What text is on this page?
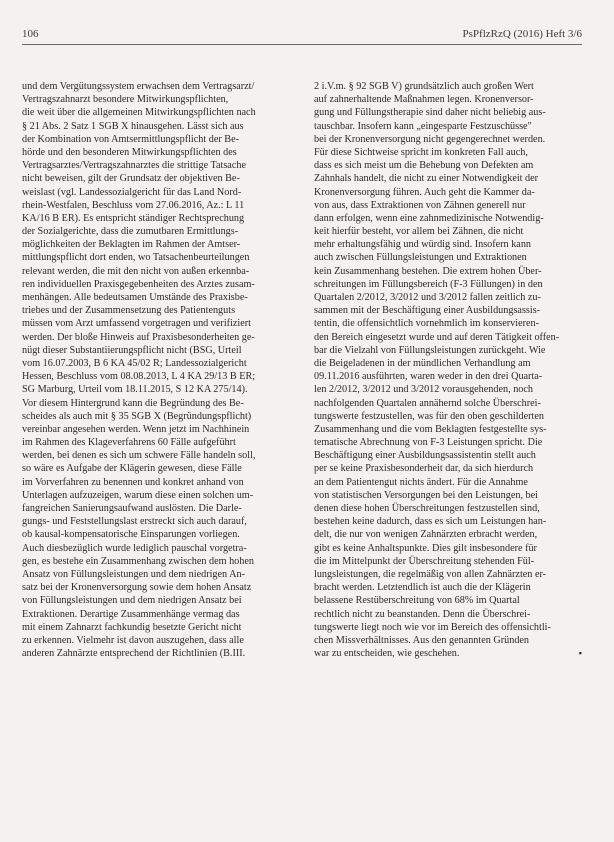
106	PsPflzRzQ (2016) Heft 3/6
und dem Vergütungssystem erwachsen dem Vertragsarzt/
Vertragszahnarzt besondere Mitwirkungspflichten,
die weit über die allgemeinen Mitwirkungspflichten nach
§ 21 Abs. 2 Satz 1 SGB X hinausgehen. Lässt sich aus
der Kombination von Amtsermittlungspflicht der Be-
hörde und den besonderen Mitwirkungspflichten des
Vertragsarztes/Vertragszahnarztes die strittige Tatsache
nicht beweisen, gilt der Grundsatz der objektiven Be-
weislast (vgl. Landessozialgericht für das Land Nord-
rhein-Westfalen, Beschluss vom 27.06.2016, Az.: L 11
KA/16 B ER). Es entspricht ständiger Rechtsprechung
der Sozialgerichte, dass die zumutbaren Ermittlungs-
möglichkeiten der Beklagten im Rahmen der Amtser-
mittlungspflicht dort enden, wo Tatsachenbeurteilungen
relevant werden, die mit den nicht von außen erkennba-
ren individuellen Praxisgegebenheiten des Arztes zusam-
menhängen. Alle bedeutsamen Umstände des Praxisbe-
triebes und der Zusammensetzung des Patientenguts
müssen vom Arzt umfassend vorgetragen und verifiziert
werden. Der bloße Hinweis auf Praxisbesonderheiten ge-
nügt dieser Substantiierungspflicht nicht (BSG, Urteil
vom 16.07.2003, B 6 KA 45/02 R; Landessozialgericht
Hessen, Beschluss vom 08.08.2013, L 4 KA 29/13 B ER;
SG Marburg, Urteil vom 18.11.2015, S 12 KA 275/14).
Vor diesem Hintergrund kann die Begründung des Be-
scheides als auch mit § 35 SGB X (Begründungspflicht)
vereinbar angesehen werden. Wenn jetzt im Nachhinein
im Rahmen des Klageverfahrens 60 Fälle aufgeführt
werden, bei denen es sich um schwere Fälle handeln soll,
so wäre es Aufgabe der Klägerin gewesen, diese Fälle
im Vorverfahren zu benennen und konkret anhand von
Unterlagen aufzuzeigen, warum diese einen solchen um-
fangreichen Sanierungsaufwand auslösten. Die Darle-
gungs- und Feststellungslast erstreckt sich auch darauf,
ob kausal-kompensatorische Einsparungen vorliegen.
Auch diesbezüglich wurde lediglich pauschal vorgetra-
gen, es bestehe ein Zusammenhang zwischen dem hohen
Ansatz von Füllungsleistungen und dem niedrigen An-
satz bei der Kronenversorgung sowie dem hohen Ansatz
von Füllungsleistungen und dem niedrigen Ansatz bei
Extraktionen. Derartige Zusammenhänge vermag das
mit einem Zahnarzt fachkundig besetzte Gericht nicht
zu erkennen. Vielmehr ist davon auszugehen, dass alle
anderen Zahnärzte entsprechend der Richtlinien (B.III.
2 i.V.m. § 92 SGB V) grundsätzlich auch großen Wert
auf zahnerhaltende Maßnahmen legen. Kronenversor-
gung und Füllungstherapie sind daher nicht beliebig aus-
tauschbar. Insofern kann „eingesparte Festzuschüsse"
bei der Kronenversorgung nicht gegengerechnet werden.
Für diese Sichtweise spricht im konkreten Fall auch,
dass es sich meist um die Behebung von Defekten am
Zahnhals handelt, die nicht zu einer Notwendigkeit der
Kronenversorgung führen. Auch geht die Kammer da-
von aus, dass Extraktionen von Zähnen generell nur
dann erfolgen, wenn eine zahnmedizinische Notwendig-
keit hierfür besteht, vor allem bei Zähnen, die nicht
mehr erhaltungsfähig und würdig sind. Insofern kann
auch zwischen Füllungsleistungen und Extraktionen
kein Zusammenhang bestehen. Die extrem hohen Über-
schreitungen im Füllungsbereich (F-3 Füllungen) in den
Quartalen 2/2012, 3/2012 und 3/2012 fallen zeitlich zu-
sammen mit der Beschäftigung einer Ausbildungsassis-
tentin, die offensichtlich vornehmlich im konservieren-
den Bereich eingesetzt wurde und auf deren Tätigkeit offen-
bar die Vielzahl von Füllungsleistungen zurückgeht. Wie
die Beigeladenen in der mündlichen Verhandlung am
09.11.2016 ausführten, waren weder in den drei Quarta-
len 2/2012, 3/2012 und 3/2012 vorausgehenden, noch
nachfolgenden Quartalen annähernd solche Überschrei-
tungswerte festzustellen, was für den oben geschilderten
Zusammenhang und die vom Beklagten festgestellte sys-
tematische Abrechnung von F-3 Leistungen spricht. Die
Beschäftigung einer Ausbildungsassistentin stellt auch
per se keine Praxisbesonderheit dar, da sich hierdurch
an dem Patientengut nichts ändert. Für die Annahme
von statistischen Versorgungen bei den Leistungen, bei
denen diese hohen Überschreitungen festzustellen sind,
bestehen keine dadurch, dass es sich um Leistungen han-
delt, die nur von wenigen Zahnärzten erbracht werden,
gibt es keine Anhaltspunkte. Dies gilt insbesondere für
die im Mittelpunkt der Überschreitung stehenden Fül-
lungsleistungen, die regelmäßig von allen Zahnärzten er-
bracht werden. Letztendlich ist auch die der Klägerin
belassene Restüberschreitung von 68% im Quartal
rechtlich nicht zu beanstanden. Denn die Überschrei-
tungswerte liegt noch wie vor im Bereich des offensichtli-
chen Missverhältnisses. Aus den genannten Gründen
war zu entscheiden, wie geschehen.	▪
